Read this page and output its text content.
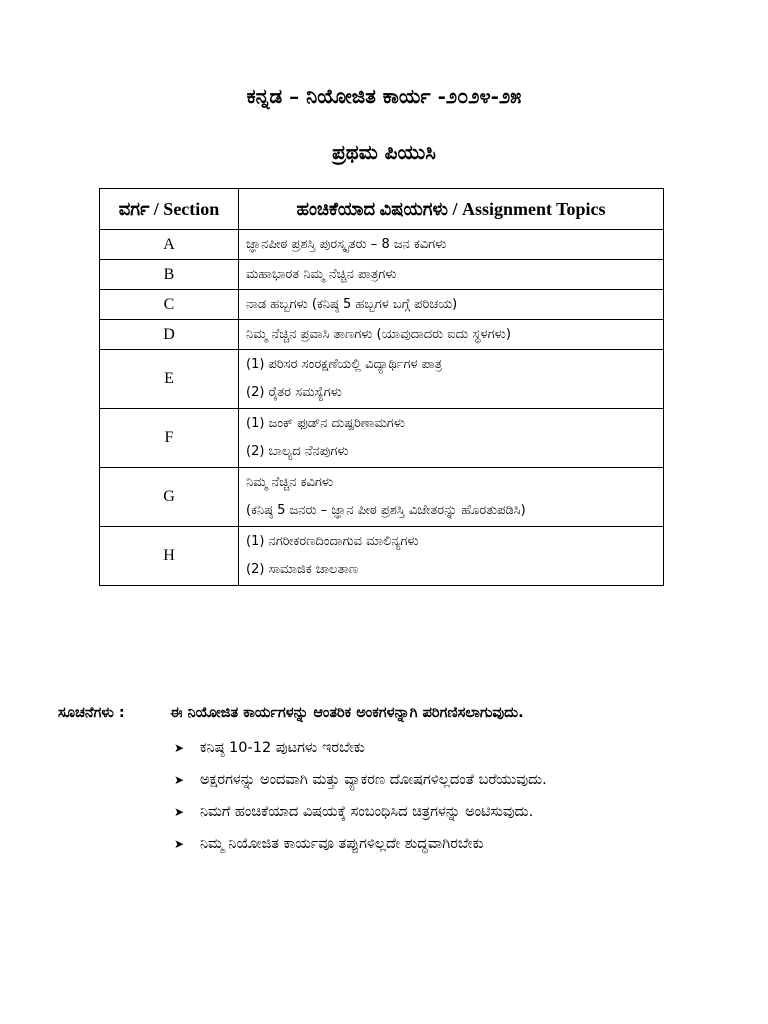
ಕನ್ನಡ – ನಿಯೋಜಿತ ಕಾರ್ಯ -೨೦೨೪-೨೫
ಪ್ರಥಮ ಪಿಯುಸಿ
ವರ್ಗ / Section	ಹಂಚಿಕೆಯಾದ ವಿಷಯಗಳು / Assignment Topics
A	ಜ್ಞಾನಪೀಠ ಪ್ರಶಸ್ತಿ ಪುರಸ್ಕೃತರು – 8 ಜನ ಕವಿಗಳು

B	ಮಹಾಭಾರತ ನಿಮ್ಮ ನೆಚ್ಚಿನ ಪಾತ್ರಗಳು

C	ನಾಡ ಹಬ್ಬಗಳು (ಕನಿಷ್ಠ 5 ಹಬ್ಬಗಳ ಬಗ್ಗೆ ಪರಿಚಯ)

D	ನಿಮ್ಮ ನೆಚ್ಚಿನ ಪ್ರವಾಸಿ ತಾಣಗಳು (ಯಾವುದಾದರು ಐದು ಸ್ಥಳಗಳು)

E	(1) ಪರಿಸರ ಸಂರಕ್ಷಣೆಯಲ್ಲಿ ವಿದ್ಯಾರ್ಥಿಗಳ ಪಾತ್ರ
(2) ರೈತರ ಸಮಸ್ಯೆಗಳು

F	(1) ಜಂಕ್ ಫುಡ್‌ನ ದುಷ್ಪರಿಣಾಮಗಳು
(2) ಬಾಲ್ಯದ ನೆನಪುಗಳು

G	ನಿಮ್ಮ ನೆಚ್ಚಿನ ಕವಿಗಳು
(ಕನಿಷ್ಠ 5 ಜನರು – ಜ್ಞಾನ ಪೀಠ ಪ್ರಶಸ್ತಿ ವಿಜೇತರನ್ನು ಹೊರತುಪಡಿಸಿ)

H	(1) ನಗರೀಕರಣದಿಂದಾಗುವ ಮಾಲಿನ್ಯಗಳು
(2) ಸಾಮಾಜಿಕ ಜಾಲತಾಣ
ಸೂಚನೆಗಳು :	ಈ ನಿಯೋಜಿತ ಕಾರ್ಯಗಳನ್ನು ಆಂತರಿಕ ಅಂಕಗಳನ್ನಾಗಿ ಪರಿಗಣಿಸಲಾಗುವುದು.
➤	ಕನಿಷ್ಠ 10-12 ಪುಟಗಳು ಇರಬೇಕು
➤	ಅಕ್ಷರಗಳನ್ನು ಅಂದವಾಗಿ ಮತ್ತು ವ್ಯಾಕರಣ ದೋಷಗಳಿಲ್ಲದಂತೆ ಬರೆಯುವುದು.
➤	ನಿಮಗೆ ಹಂಚಿಕೆಯಾದ ವಿಷಯಕ್ಕೆ ಸಂಬಂಧಿಸಿದ ಚಿತ್ರಗಳನ್ನು ಅಂಟಿಸುವುದು.
➤	ನಿಮ್ಮ ನಿಯೋಜಿತ ಕಾರ್ಯವೂ ತಪ್ಪುಗಳಿಲ್ಲದೇ ಶುದ್ಧವಾಗಿರಬೇಕು
